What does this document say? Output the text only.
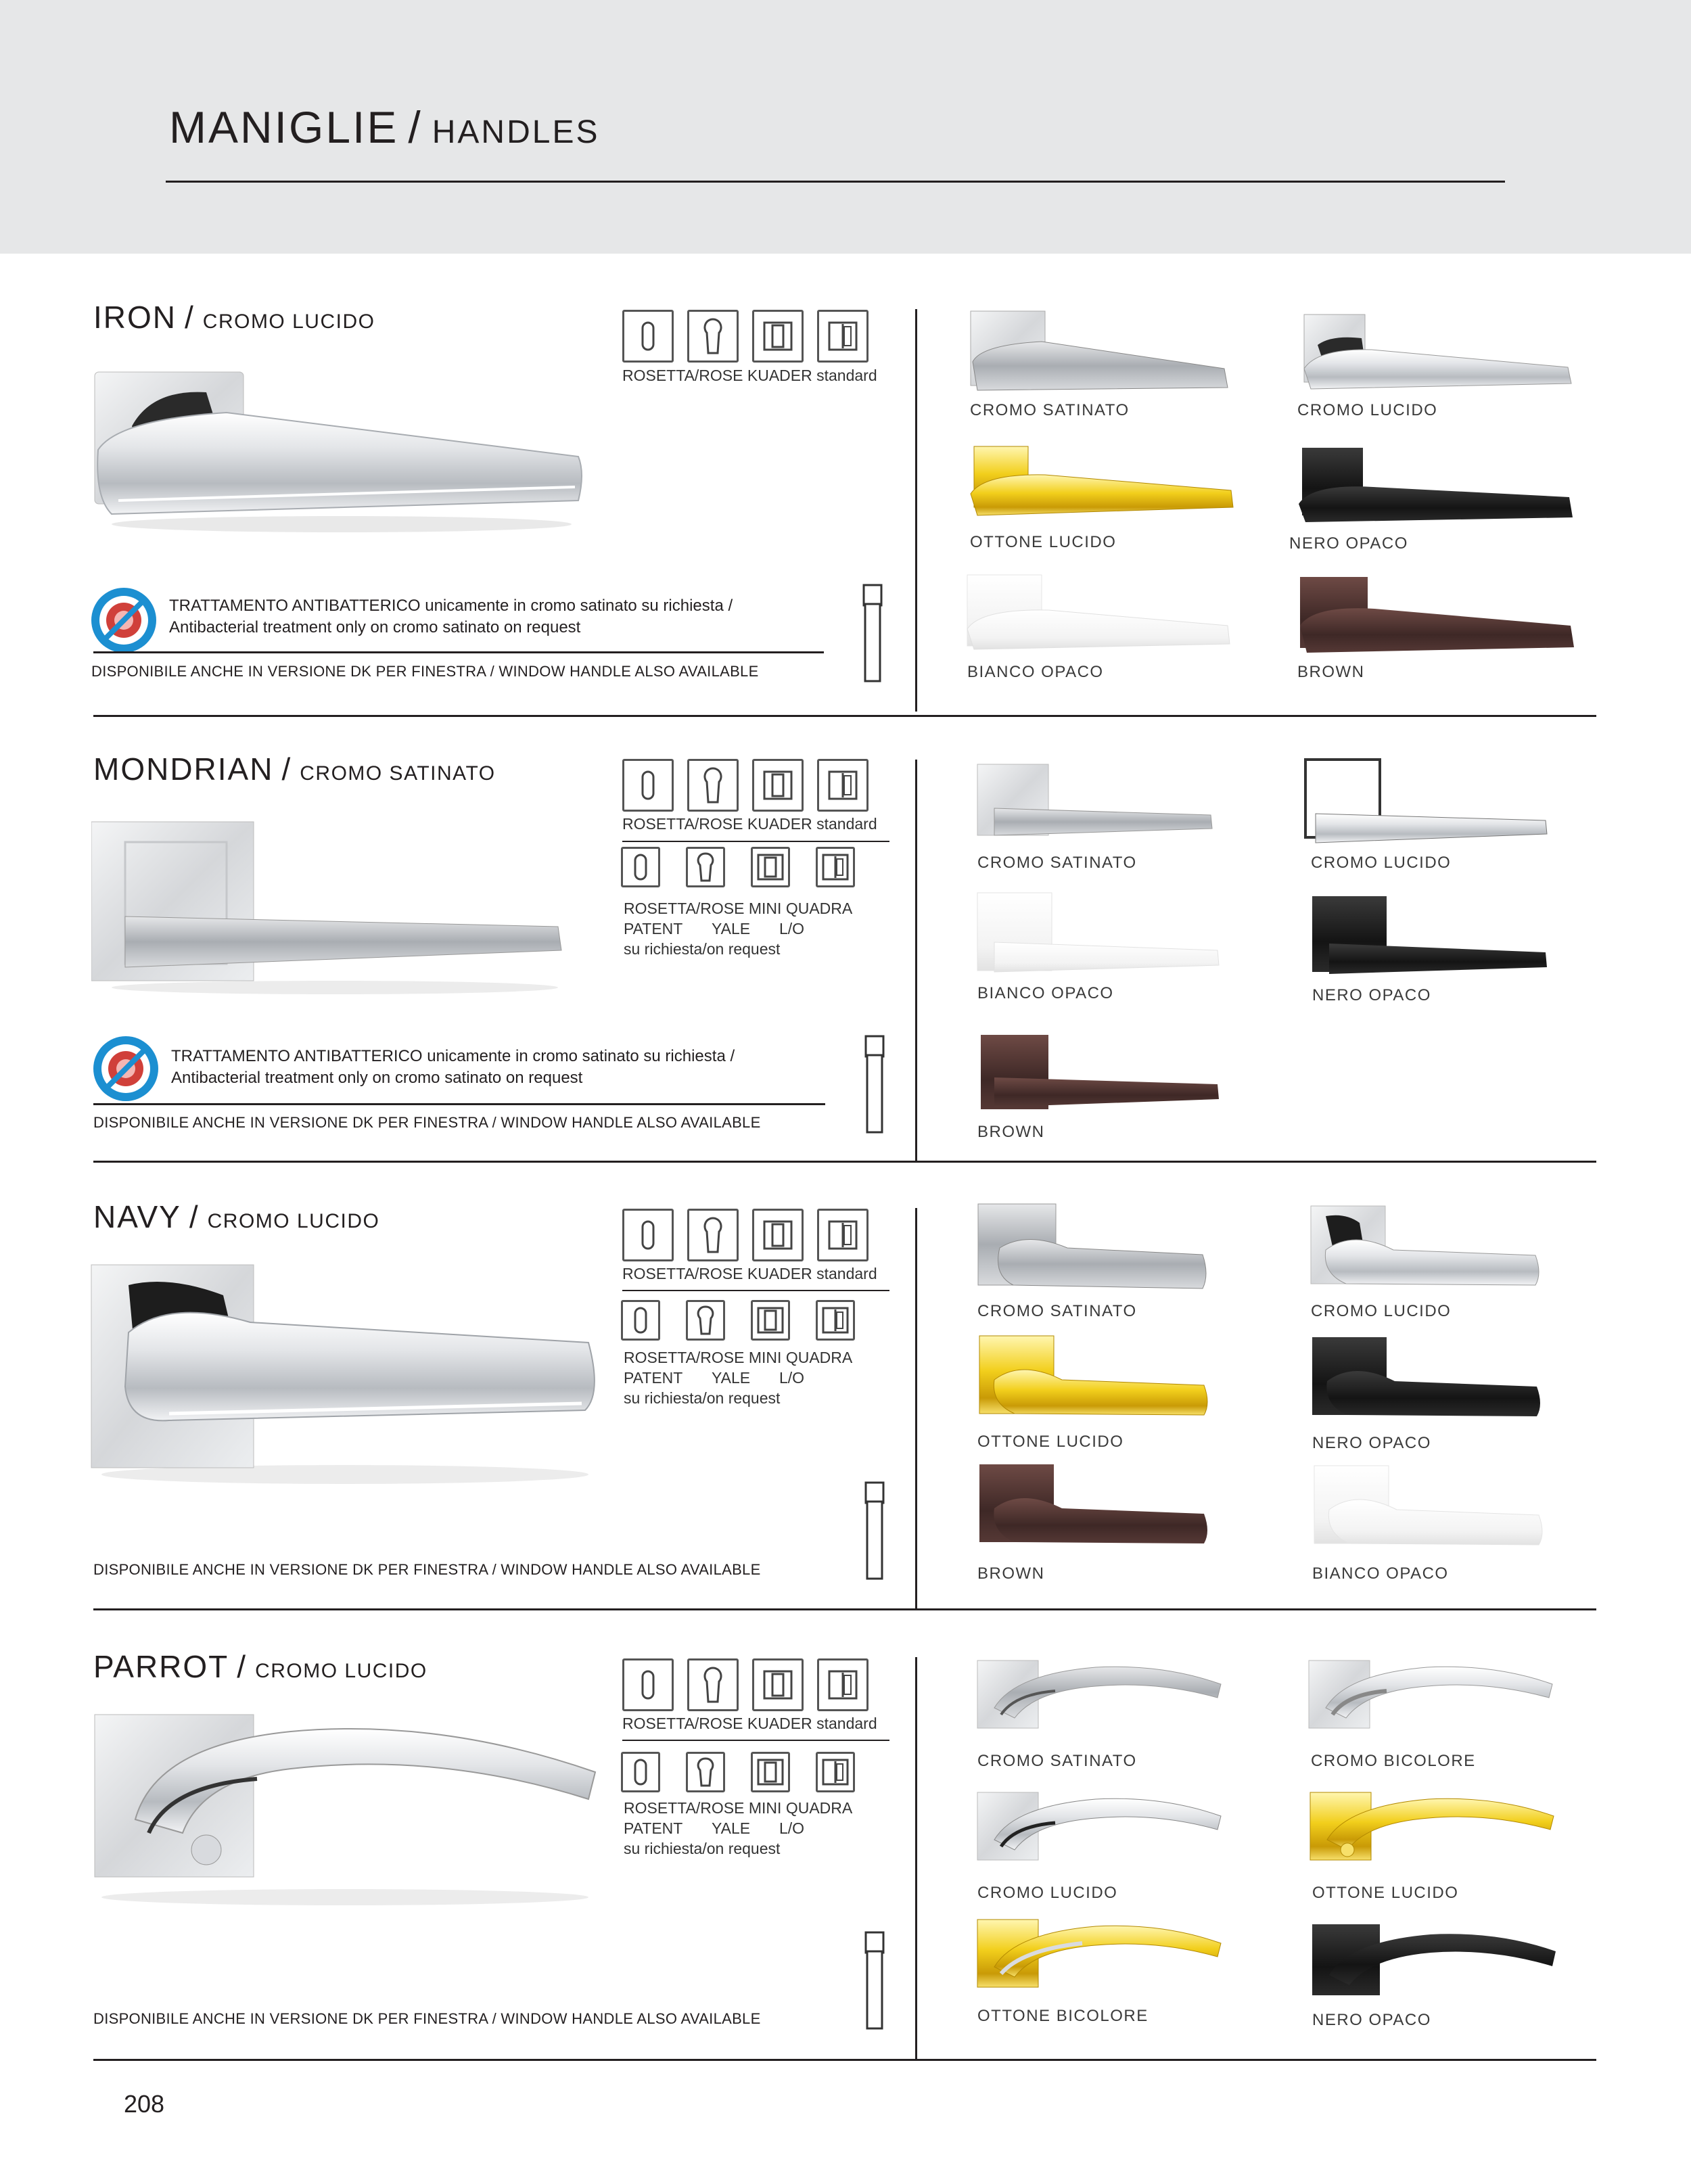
MANIGLIE / HANDLES
IRON / CROMO LUCIDO
ROSETTA/ROSE KUADER standard
TRATTAMENTO ANTIBATTERICO unicamente in cromo satinato su richiesta /
Antibacterial treatment only on cromo satinato on request
DISPONIBILE ANCHE IN VERSIONE DK PER FINESTRA / WINDOW HANDLE ALSO AVAILABLE
CROMO SATINATO	CROMO LUCIDO
OTTONE LUCIDO	NERO OPACO
BIANCO OPACO	BROWN
MONDRIAN / CROMO SATINATO
ROSETTA/ROSE KUADER standard
ROSETTA/ROSE MINI QUADRA
PATENT YALE L/O
su richiesta/on request
TRATTAMENTO ANTIBATTERICO unicamente in cromo satinato su richiesta /
Antibacterial treatment only on cromo satinato on request
DISPONIBILE ANCHE IN VERSIONE DK PER FINESTRA / WINDOW HANDLE ALSO AVAILABLE
CROMO SATINATO	CROMO LUCIDO
BIANCO OPACO	NERO OPACO
BROWN
NAVY / CROMO LUCIDO
ROSETTA/ROSE KUADER standard
ROSETTA/ROSE MINI QUADRA
PATENT YALE L/O
su richiesta/on request
DISPONIBILE ANCHE IN VERSIONE DK PER FINESTRA / WINDOW HANDLE ALSO AVAILABLE
CROMO SATINATO	CROMO LUCIDO
OTTONE LUCIDO	NERO OPACO
BROWN	BIANCO OPACO
PARROT / CROMO LUCIDO
ROSETTA/ROSE KUADER standard
ROSETTA/ROSE MINI QUADRA
PATENT YALE L/O
su richiesta/on request
DISPONIBILE ANCHE IN VERSIONE DK PER FINESTRA / WINDOW HANDLE ALSO AVAILABLE
CROMO SATINATO	CROMO BICOLORE
CROMO LUCIDO	OTTONE LUCIDO
OTTONE BICOLORE	NERO OPACO
208
